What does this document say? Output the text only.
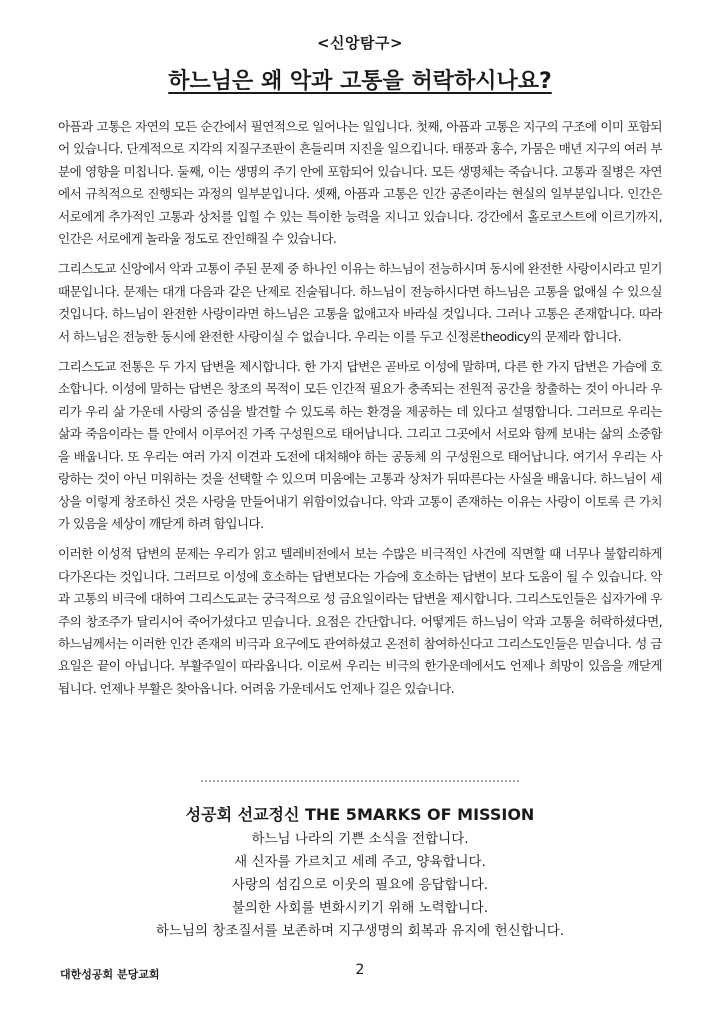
<신앙탐구>
하느님은 왜 악과 고통을 허락하시나요?

아픔과 고통은 자연의 모든 순간에서 필연적으로 일어나는 일입니다. 첫째, 아픔과 고통은 지구의 구조에 이미 포함되어 있습니다. 단계적으로 지각의 지질구조판이 흔들리며 지진을 일으킵니다. 태풍과 홍수, 가뭄은 매년 지구의 여러 부분에 영향을 미칩니다. 둘째, 이는 생명의 주기 안에 포함되어 있습니다. 모든 생명체는 죽습니다. 고통과 질병은 자연에서 규칙적으로 진행되는 과정의 일부분입니다. 셋째, 아픔과 고통은 인간 공존이라는 현실의 일부분입니다. 인간은 서로에게 추가적인 고통과 상처를 입힐 수 있는 특이한 능력을 지니고 있습니다. 강간에서 홀로코스트에 이르기까지, 인간은 서로에게 놀라울 정도로 잔인해질 수 있습니다.

그리스도교 신앙에서 악과 고통이 주된 문제 중 하나인 이유는 하느님이 전능하시며 동시에 완전한 사랑이시라고 믿기 때문입니다. 문제는 대개 다음과 같은 난제로 진술됩니다. 하느님이 전능하시다면 하느님은 고통을 없애실 수 있으실 것입니다. 하느님이 완전한 사랑이라면 하느님은 고통을 없애고자 바라실 것입니다. 그러나 고통은 존재합니다. 따라서 하느님은 전능한 동시에 완전한 사랑이실 수 없습니다. 우리는 이를 두고 신정론theodicy의 문제라 합니다.

그리스도교 전통은 두 가지 답변을 제시합니다. 한 가지 답변은 곧바로 이성에 말하며, 다른 한 가지 답변은 가슴에 호소합니다. 이성에 말하는 답변은 창조의 목적이 모든 인간적 필요가 충족되는 전원적 공간을 창출하는 것이 아니라 우리가 우리 삶 가운데 사랑의 중심을 발견할 수 있도록 하는 환경을 제공하는 데 있다고 설명합니다. 그러므로 우리는 삶과 죽음이라는 틀 안에서 이루어진 가족 구성원으로 태어납니다. 그리고 그곳에서 서로와 함께 보내는 삶의 소중함을 배웁니다. 또 우리는 여러 가지 이견과 도전에 대처해야 하는 공동체 의 구성원으로 태어납니다. 여기서 우리는 사랑하는 것이 아닌 미워하는 것을 선택할 수 있으며 미움에는 고통과 상처가 뒤따른다는 사실을 배웁니다. 하느님이 세상을 이렇게 창조하신 것은 사랑을 만들어내기 위함이었습니다. 악과 고통이 존재하는 이유는 사랑이 이토록 큰 가치가 있음을 세상이 깨닫게 하려 함입니다.

이러한 이성적 답변의 문제는 우리가 읽고 텔레비전에서 보는 수많은 비극적인 사건에 직면할 때 너무나 불합리하게 다가온다는 것입니다. 그러므로 이성에 호소하는 답변보다는 가슴에 호소하는 답변이 보다 도움이 될 수 있습니다. 악과 고통의 비극에 대하여 그리스도교는 궁극적으로 성 금요일이라는 답변을 제시합니다. 그리스도인들은 십자가에 우주의 창조주가 달리시어 죽어가셨다고 믿습니다. 요점은 간단합니다. 어떻게든 하느님이 악과 고통을 허락하셨다면, 하느님께서는 이러한 인간 존재의 비극과 요구에도 관여하셨고 온전히 참여하신다고 그리스도인들은 믿습니다. 성 금요일은 끝이 아닙니다. 부활주일이 따라옵니다. 이로써 우리는 비극의 한가운데에서도 언제나 희망이 있음을 깨닫게 됩니다. 언제나 부활은 찾아옵니다. 어려움 가운데서도 언제나 길은 있습니다.

성공회 선교정신 THE 5MARKS OF MISSION
하느님 나라의 기쁜 소식을 전합니다.
새 신자를 가르치고 세례 주고, 양육합니다.
사랑의 섬김으로 이웃의 필요에 응답합니다.
불의한 사회를 변화시키기 위해 노력합니다.
하느님의 창조질서를 보존하며 지구생명의 회복과 유지에 헌신합니다.
대한성공회 분당교회	2
